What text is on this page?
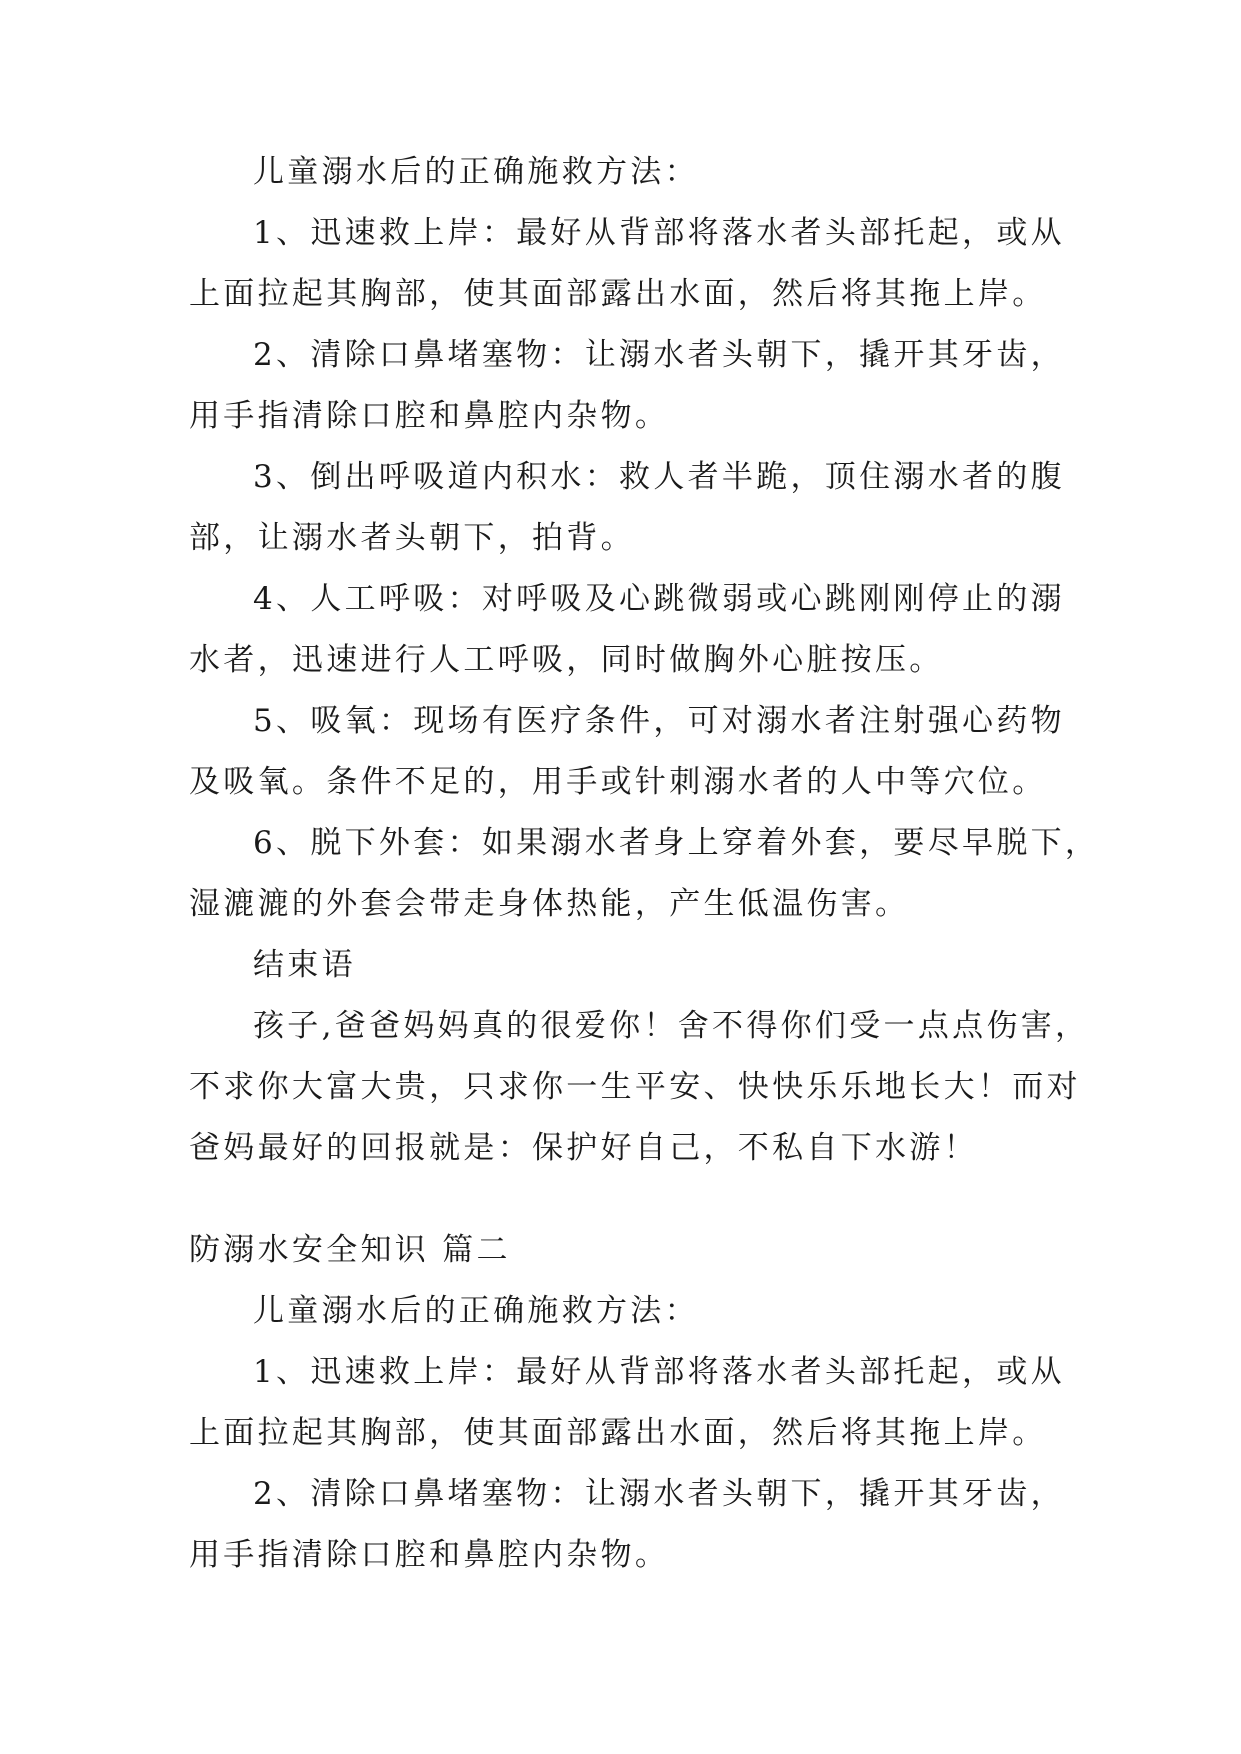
儿童溺水后的正确施救方法：
1、迅速救上岸：最好从背部将落水者头部托起，或从
上面拉起其胸部，使其面部露出水面，然后将其拖上岸。
2、清除口鼻堵塞物：让溺水者头朝下，撬开其牙齿，
用手指清除口腔和鼻腔内杂物。
3、倒出呼吸道内积水：救人者半跪，顶住溺水者的腹
部，让溺水者头朝下，拍背。
4、人工呼吸：对呼吸及心跳微弱或心跳刚刚停止的溺
水者，迅速进行人工呼吸，同时做胸外心脏按压。
5、吸氧：现场有医疗条件，可对溺水者注射强心药物
及吸氧。条件不足的，用手或针刺溺水者的人中等穴位。
6、脱下外套：如果溺水者身上穿着外套，要尽早脱下，
湿漉漉的外套会带走身体热能，产生低温伤害。
结束语
孩子,爸爸妈妈真的很爱你！舍不得你们受一点点伤害，
不求你大富大贵，只求你一生平安、快快乐乐地长大！而对
爸妈最好的回报就是：保护好自己，不私自下水游！
防溺水安全知识 篇二
儿童溺水后的正确施救方法：
1、迅速救上岸：最好从背部将落水者头部托起，或从
上面拉起其胸部，使其面部露出水面，然后将其拖上岸。
2、清除口鼻堵塞物：让溺水者头朝下，撬开其牙齿，
用手指清除口腔和鼻腔内杂物。
